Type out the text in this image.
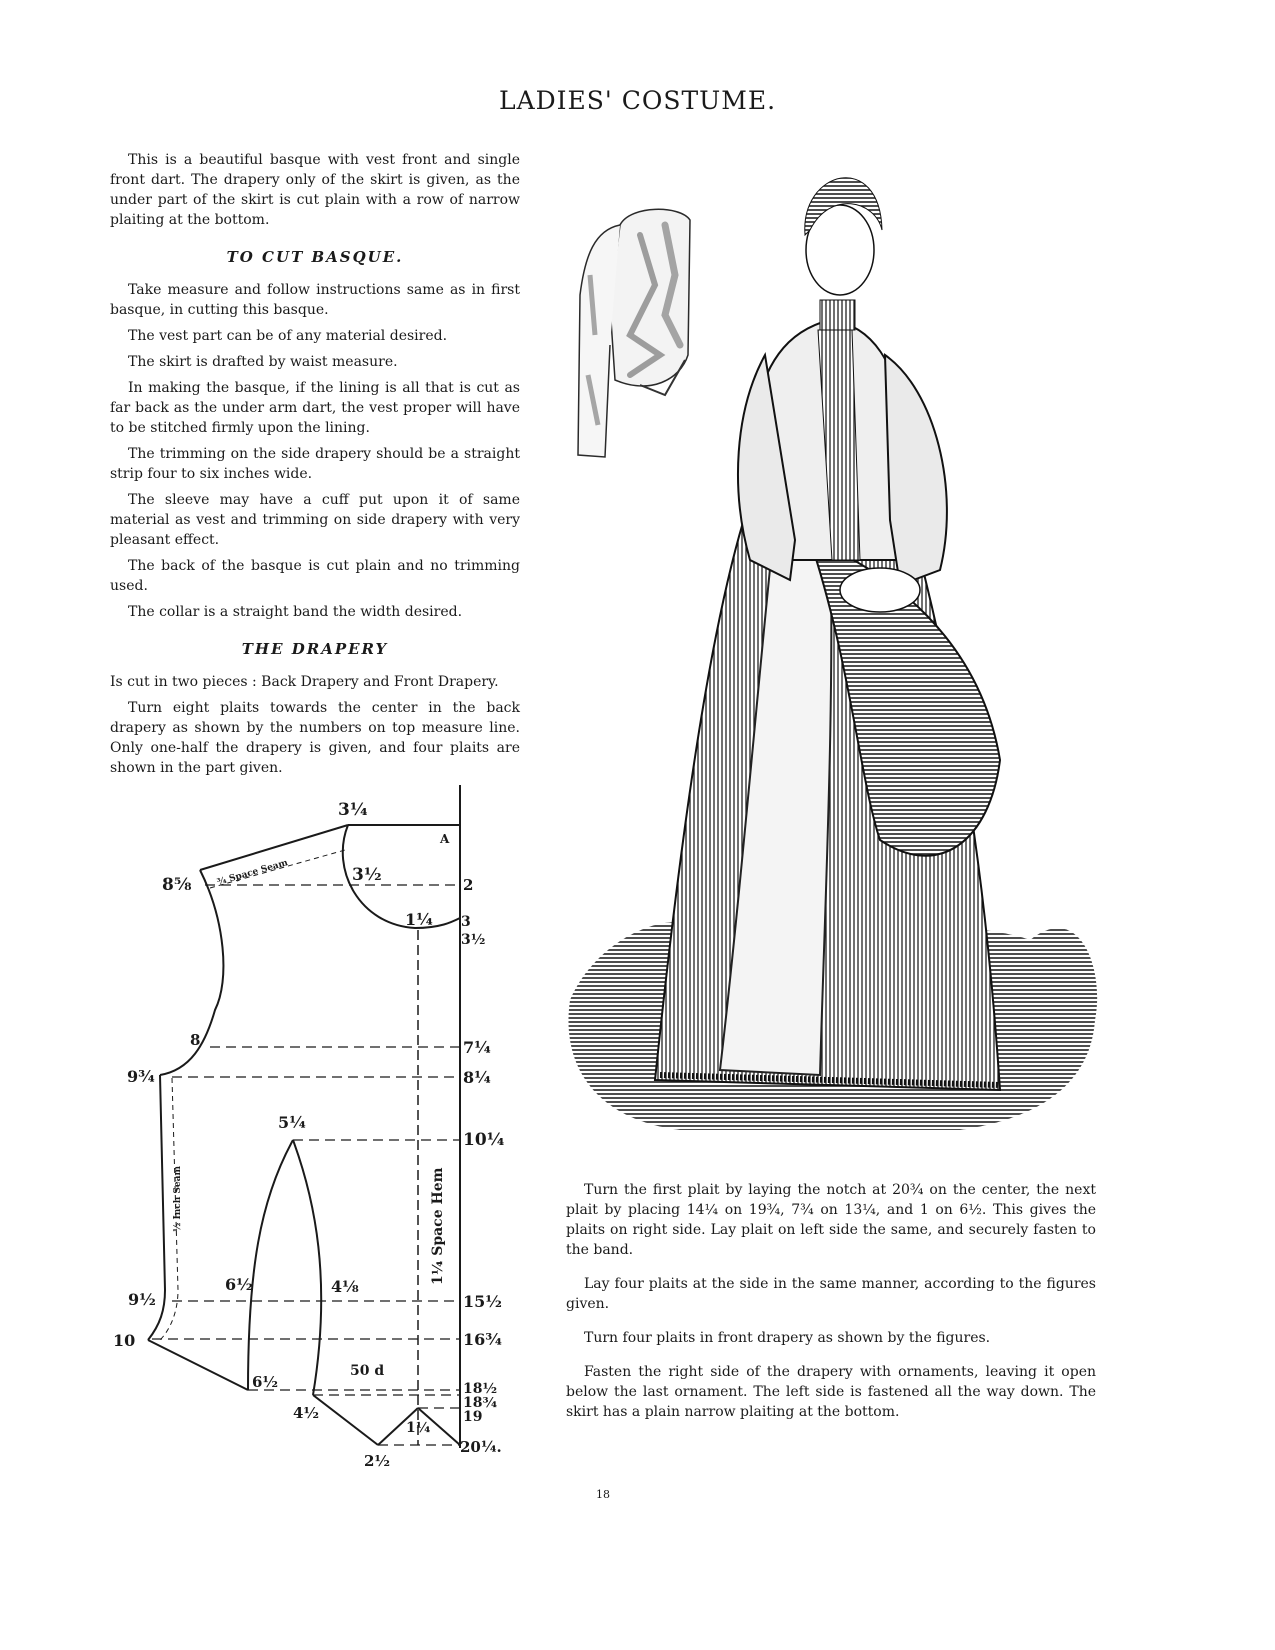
LADIES' COSTUME.

This is a beautiful basque with vest front and single front dart. The drapery only of the skirt is given, as the under part of the skirt is cut plain with a row of narrow plaiting at the bottom.

TO CUT BASQUE.

Take measure and follow instructions same as in first basque, in cutting this basque.

The vest part can be of any material desired.

The skirt is drafted by waist measure.

In making the basque, if the lining is all that is cut as far back as the under arm dart, the vest proper will have to be stitched firmly upon the lining.

The trimming on the side drapery should be a straight strip four to six inches wide.

The sleeve may have a cuff put upon it of same material as vest and trimming on side drapery with very pleasant effect.

The back of the basque is cut plain and no trimming used.

The collar is a straight band the width desired.

THE DRAPERY

Is cut in two pieces : Back Drapery and Front Drapery.

Turn eight plaits towards the center in the back drapery as shown by the numbers on top measure line. Only one-half the drapery is given, and four plaits are shown in the part given.

3¼
A
8⅝	¾ Space Seam	3½	2
1¼ 3
3½
8	7¼
9¾	8¼
5¼
10¼
½ Inch Seam	1¼ Space Hem
9½
6½	4⅛
15½
10	16¾
50 d
6½	18½
18¾
4½
1¼
19
2½
20¼.

Turn the first plait by laying the notch at 20¾ on the center, the next plait by placing 14¼ on 19¾, 7¾ on 13¼, and 1 on 6½. This gives the plaits on right side. Lay plait on left side the same, and securely fasten to the band.

Lay four plaits at the side in the same manner, according to the figures given.

Turn four plaits in front drapery as shown by the figures.

Fasten the right side of the drapery with ornaments, leaving it open below the last ornament. The left side is fastened all the way down. The skirt has a plain narrow plaiting at the bottom.

18
